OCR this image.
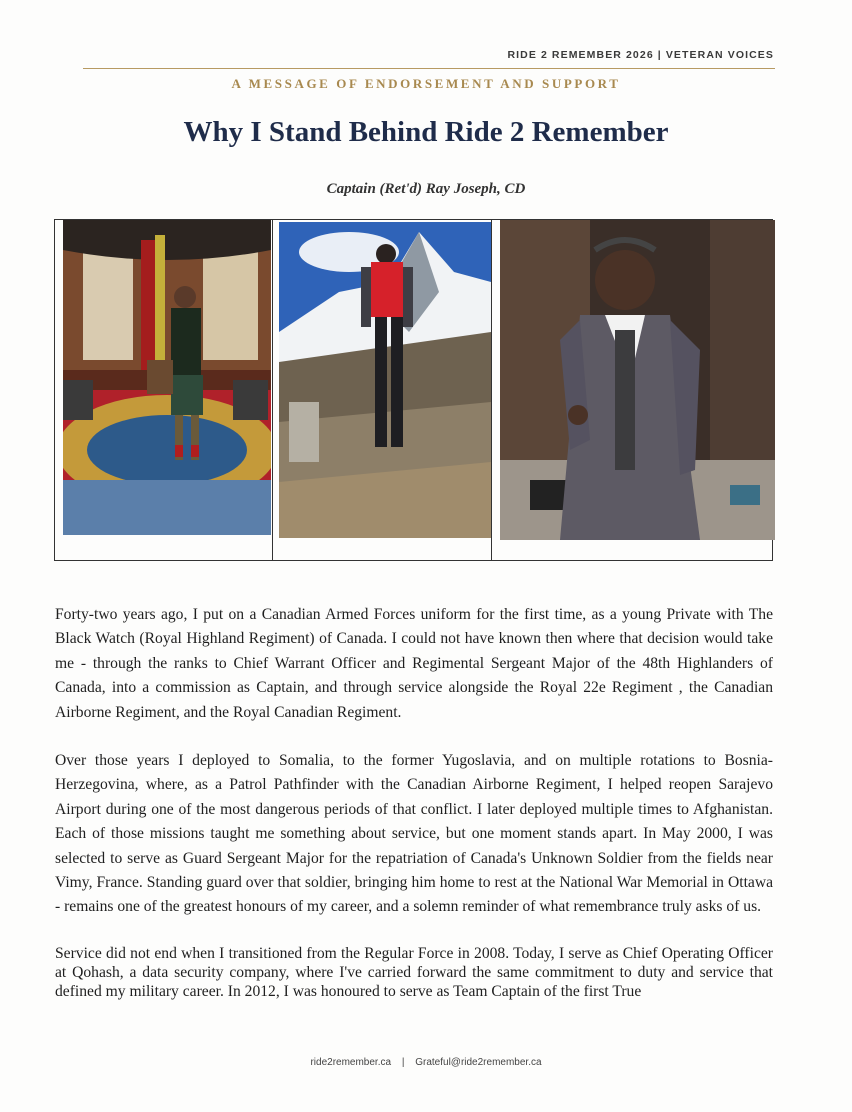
RIDE 2 REMEMBER 2026 | VETERAN VOICES
A MESSAGE OF ENDORSEMENT AND SUPPORT
Why I Stand Behind Ride 2 Remember
Captain (Ret'd) Ray Joseph, CD

Forty-two years ago, I put on a Canadian Armed Forces uniform for the first time, as a young Private with The Black Watch (Royal Highland Regiment) of Canada. I could not have known then where that decision would take me - through the ranks to Chief Warrant Officer and Regimental Sergeant Major of the 48th Highlanders of Canada, into a commission as Captain, and through service alongside the Royal 22e Regiment , the Canadian Airborne Regiment, and the Royal Canadian Regiment.

Over those years I deployed to Somalia, to the former Yugoslavia, and on multiple rotations to Bosnia-Herzegovina, where, as a Patrol Pathfinder with the Canadian Airborne Regiment, I helped reopen Sarajevo Airport during one of the most dangerous periods of that conflict. I later deployed multiple times to Afghanistan. Each of those missions taught me something about service, but one moment stands apart. In May 2000, I was selected to serve as Guard Sergeant Major for the repatriation of Canada's Unknown Soldier from the fields near Vimy, France. Standing guard over that soldier, bringing him home to rest at the National War Memorial in Ottawa - remains one of the greatest honours of my career, and a solemn reminder of what remembrance truly asks of us.

Service did not end when I transitioned from the Regular Force in 2008. Today, I serve as Chief Operating Officer at Qohash, a data security company, where I've carried forward the same commitment to duty and service that defined my military career. In 2012, I was honoured to serve as Team Captain of the first True

ride2remember.ca | Grateful@ride2remember.ca
